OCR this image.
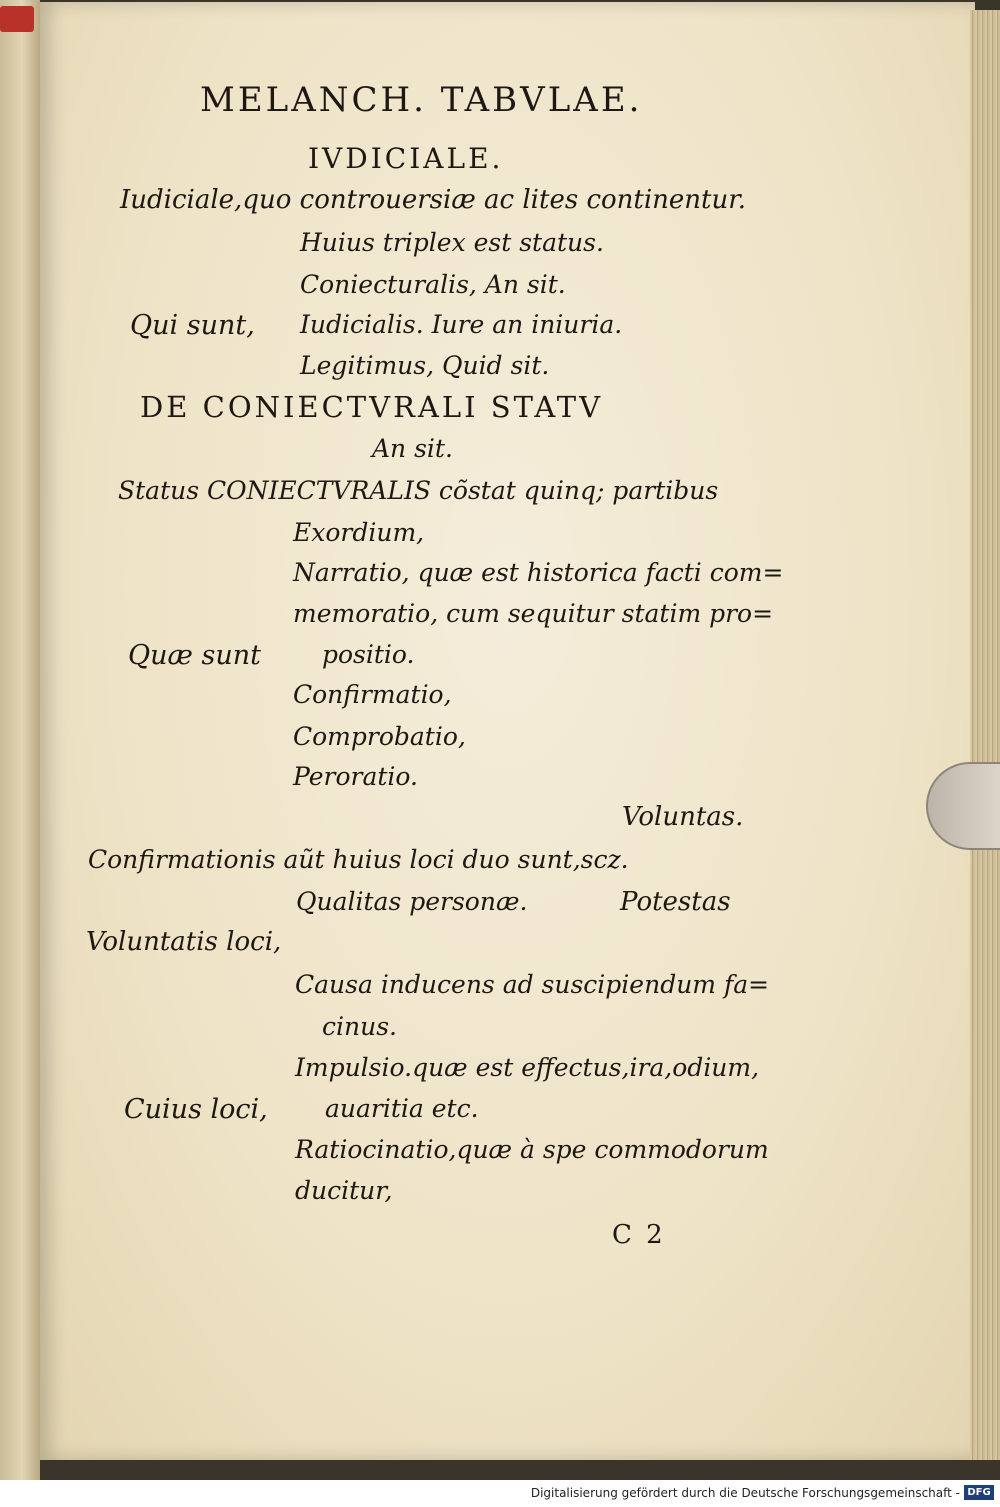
MELANCH. TABVLAE.
IVDICIALE.
Iudiciale,quo controuersiæ ac lites continentur.
Huius triplex est status.
Coniecturalis, An sit.
Qui sunt, Iudicialis. Iure an iniuria.
Legitimus, Quid sit.
DE CONIECTVRALI STATV
An sit.
Status CONIECTVRALIS cõstat quinq; partibus
Exordium,
Narratio, quæ est historica facti com=
memoratio, cum sequitur statim pro=
Quæ sunt positio.
Confirmatio,
Comprobatio,
Peroratio.
Voluntas.
Confirmationis aũt huius loci duo sunt,scz.
Qualitas personæ.	Potestas
Voluntatis loci,
Causa inducens ad suscipiendum fa=
cinus.
Impulsio.quæ est effectus,ira,odium,
Cuius loci, auaritia etc.
Ratiocinatio,quæ à spe commodorum
ducitur,
C 2
Digitalisierung gefördert durch die Deutsche Forschungsgemeinschaft - DFG
